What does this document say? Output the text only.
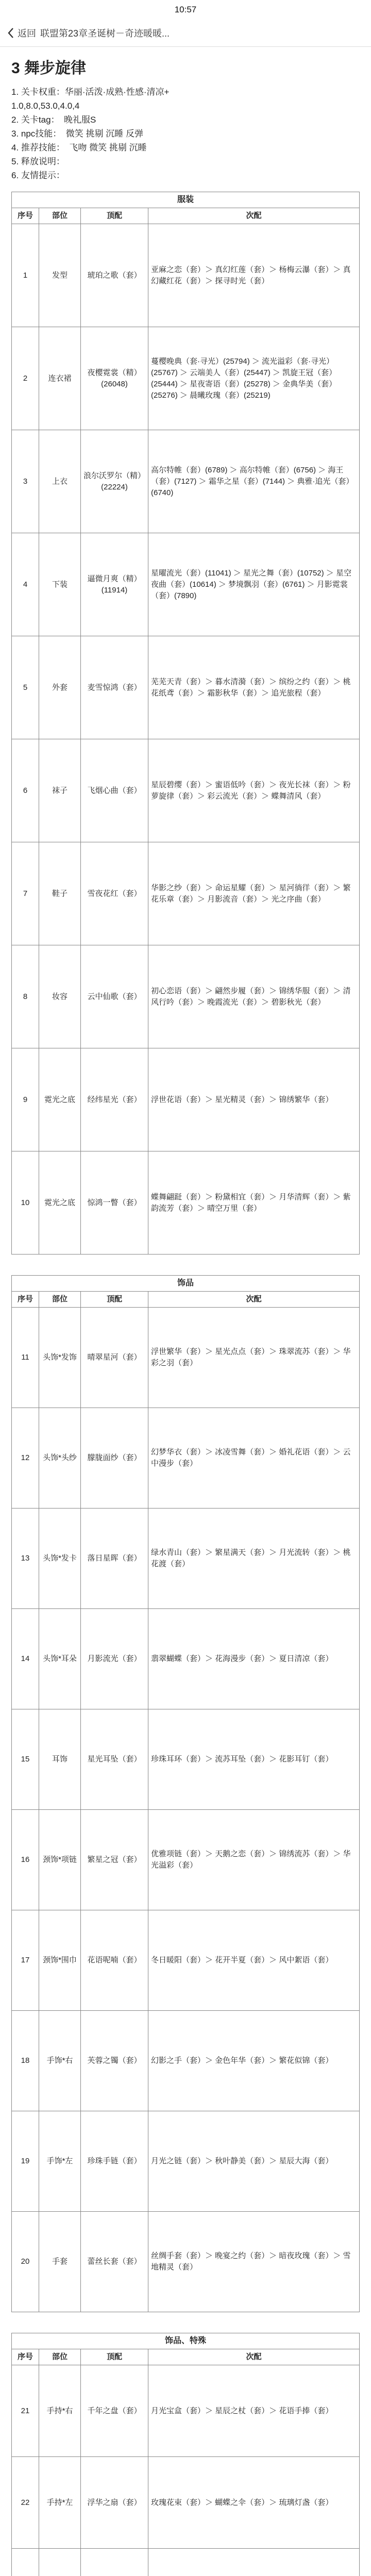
10:57
返回 联盟第23章圣诞树－奇迹暖暖...
3 舞步旋律

1. 关卡权重：华丽·活泼·成熟·性感·清凉+

1.0,8.0,53.0,4.0,4

2. 关卡tag：　晚礼服S

3. npc技能：　微笑 挑剔 沉睡 反弹

4. 推荐技能：　飞吻 微笑 挑剔 沉睡

5. 释放说明：

6. 友情提示：

服装			
序号	部位	顶配	次配
1	发型	琥珀之歌（套）	亚麻之恋（套）＞ 真幻红莲（套）＞ 杨梅云瀑（套）＞ 真幻藏红花（套）＞ 探寻时光（套）
2	连衣裙	夜樱霓裳（精）(26048)	蔓樱晚典（套·寻光）(25794) ＞ 流光溢彩（套·寻光）(25767) ＞ 云端美人（套）(25447) ＞ 凯旋王冠（套）(25444) ＞ 星夜寄语（套）(25278) ＞ 金典华美（套）(25276) ＞ 晨曦玫瑰（套）(25219)
3	上衣	浪尔沃罗尔（精）(22224)	高尔特帷（套）(6789) ＞ 高尔特帷（套）(6756) ＞ 海王（套）(7127) ＞ 霜华之星（套）(7144) ＞ 典雅·追光（套）(6740)
4	下装	逼微月爽（精）(11914)	星曜流光（套）(11041) ＞ 星光之舞（套）(10752) ＞ 星空夜曲（套）(10614) ＞ 梦境飘羽（套）(6761) ＞ 月影霓裳（套）(7890)
5	外套	麦雪惊鸿（套）	芜芜天青（套）＞ 暮水清漪（套）＞ 缤纷之约（套）＞ 桃花纸鸢（套）＞ 霜影秋华（套）＞ 追光旅程（套）
6	袜子	飞烟心曲（套）	星辰碧缨（套）＞ 蜜语低吟（套）＞ 夜光长袜（套）＞ 粉萝旋律（套）＞ 彩云流光（套）＞ 蝶舞清风（套）
7	鞋子	雪夜花红（套）	华影之纱（套）＞ 命运星耀（套）＞ 星河徜徉（套）＞ 繁花乐章（套）＞ 月影流音（套）＞ 光之序曲（套）
8	妆容	云中仙歌（套）	初心恋语（套）＞ 翩然步履（套）＞ 锦绣华服（套）＞ 清风行吟（套）＞ 晚霞流光（套）＞ 碧影秋光（套）
9	霓光之底	经纬星光（套）	浮世花语（套）＞ 星光精灵（套）＞ 锦绣繁华（套）
10	霓光之底	惊鸿一瞥（套）	蝶舞翩跹（套）＞ 粉黛相宜（套）＞ 月华清辉（套）＞ 紫韵流芳（套）＞ 晴空万里（套）
饰品			
序号	部位	顶配	次配
11	头饰*发饰	晴翠星河（套）	浮世繁华（套）＞ 星光点点（套）＞ 珠翠流苏（套）＞ 华彩之羽（套）
12	头饰*头纱	朦胧面纱（套）	幻梦华衣（套）＞ 冰凌雪舞（套）＞ 婚礼花语（套）＞ 云中漫步（套）
13	头饰*发卡	落日星晖（套）	绿水青山（套）＞ 繁星满天（套）＞ 月光流转（套）＞ 桃花渡（套）
14	头饰*耳朵	月影流光（套）	翡翠蝴蝶（套）＞ 花海漫步（套）＞ 夏日清凉（套）
15	耳饰	星光耳坠（套）	珍珠耳环（套）＞ 流苏耳坠（套）＞ 花影耳钉（套）
16	颈饰*项链	繁星之冠（套）	优雅项链（套）＞ 天鹅之恋（套）＞ 锦绣流苏（套）＞ 华光溢彩（套）
17	颈饰*围巾	花语呢喃（套）	冬日暖阳（套）＞ 花开半夏（套）＞ 风中絮语（套）
18	手饰*右	芙蓉之镯（套）	幻影之手（套）＞ 金色年华（套）＞ 繁花似锦（套）
19	手饰*左	珍珠手链（套）	月光之链（套）＞ 秋叶静美（套）＞ 星辰大海（套）
20	手套	蕾丝长套（套）	丝绸手套（套）＞ 晚宴之约（套）＞ 暗夜玫瑰（套）＞ 雪地精灵（套）
饰品、特殊			
序号	部位	顶配	次配
21	手持*右	千年之盘（套）	月光宝盒（套）＞ 星辰之杖（套）＞ 花语手捧（套）
22	手持*左	浮华之扇（套）	玫瑰花束（套）＞ 蝴蝶之伞（套）＞ 琉璃灯盏（套）
